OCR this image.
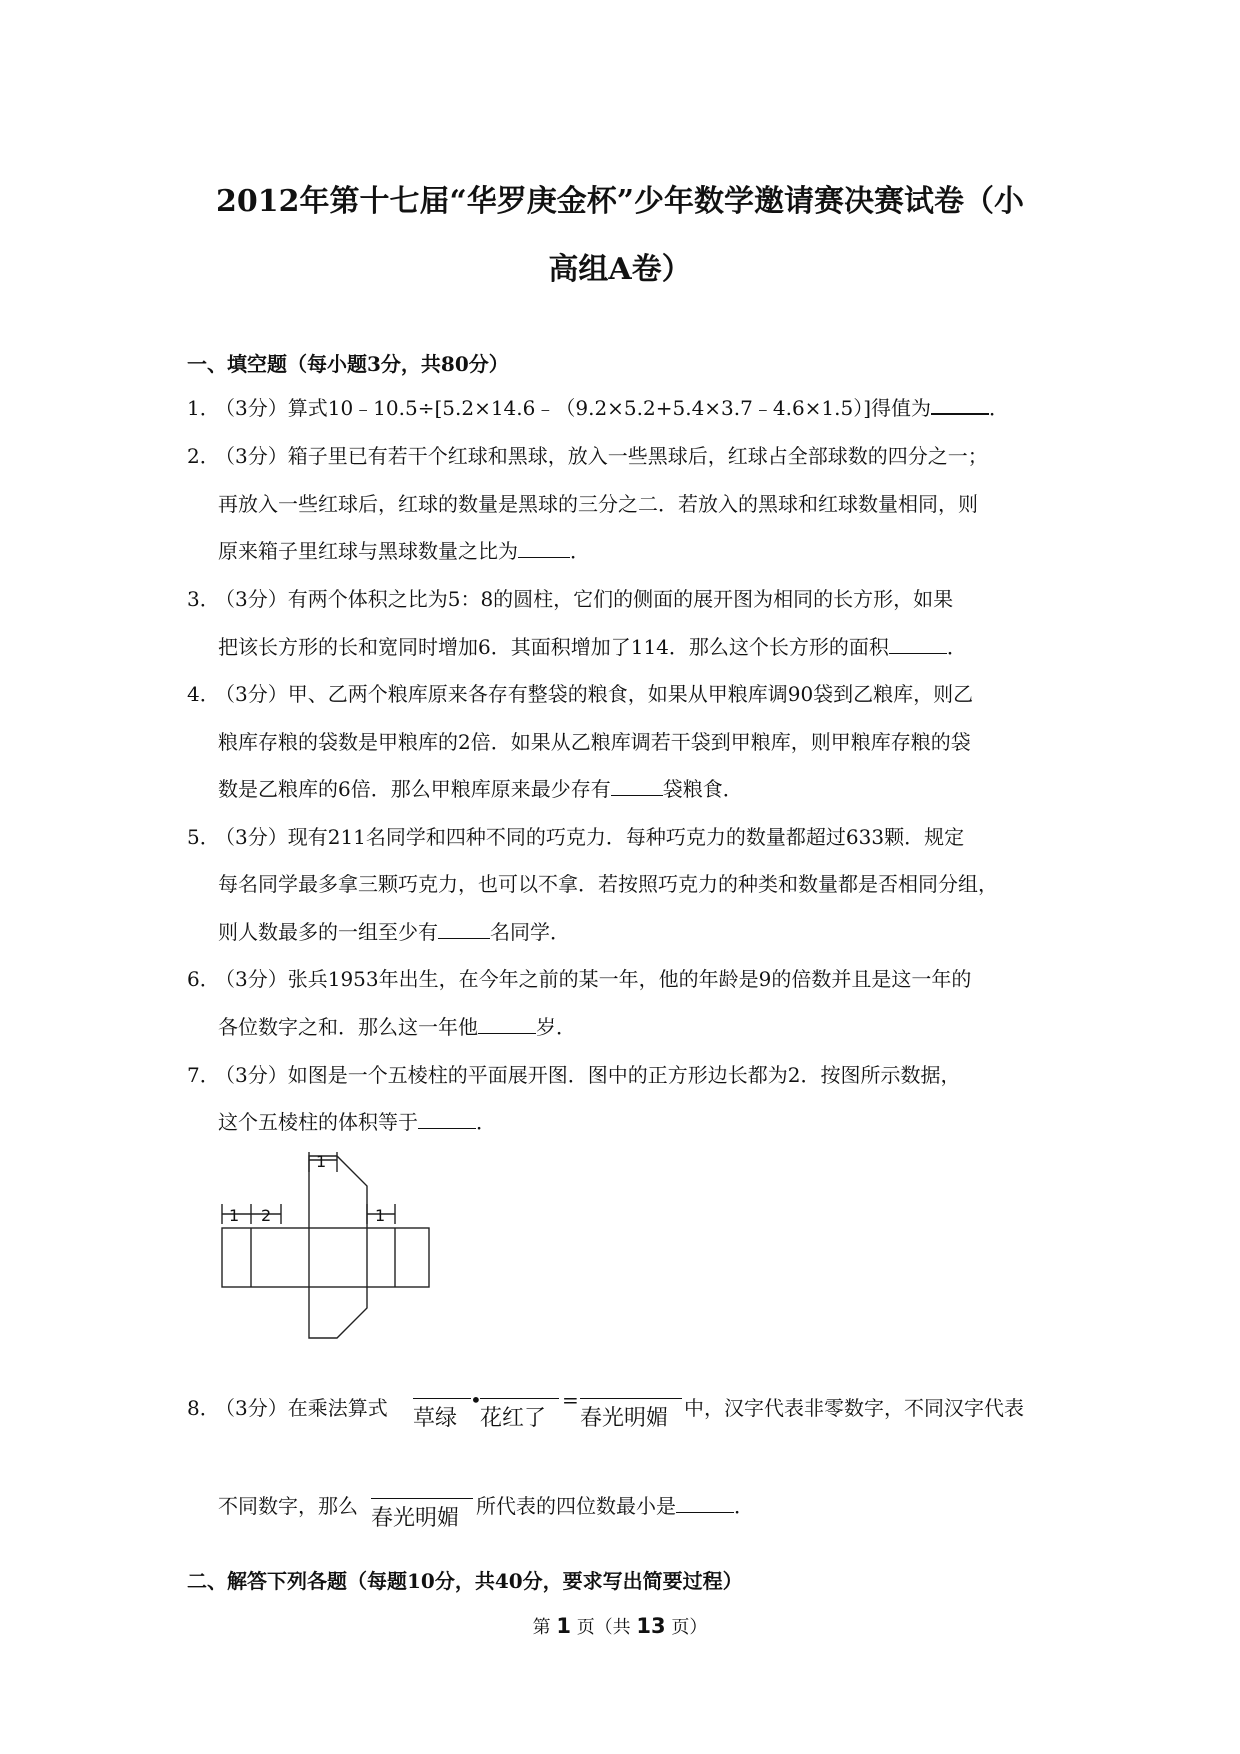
2012年第十七届“华罗庚金杯”少年数学邀请赛决赛试卷（小
高组A卷）
一、填空题（每小题3分，共80分）
1．
（3分）算式10﹣10.5÷[5.2×14.6﹣（9.2×5.2+5.4×3.7﹣4.6×1.5）]得值为	．
2．
（3分）箱子里已有若干个红球和黑球，放入一些黑球后，红球占全部球数的四分之一；
再放入一些红球后，红球的数量是黑球的三分之二．若放入的黑球和红球数量相同，则
原来箱子里红球与黑球数量之比为	．
3．
（3分）有两个体积之比为5：8的圆柱，它们的侧面的展开图为相同的长方形，如果
把该长方形的长和宽同时增加6．其面积增加了114．那么这个长方形的面积	．
4．
（3分）甲、乙两个粮库原来各存有整袋的粮食，如果从甲粮库调90袋到乙粮库，则乙
粮库存粮的袋数是甲粮库的2倍．如果从乙粮库调若干袋到甲粮库，则甲粮库存粮的袋
数是乙粮库的6倍．那么甲粮库原来最少存有	袋粮食．
5．
（3分）现有211名同学和四种不同的巧克力．每种巧克力的数量都超过633颗．规定
每名同学最多拿三颗巧克力，也可以不拿．若按照巧克力的种类和数量都是否相同分组，
则人数最多的一组至少有	名同学．
6．
（3分）张兵1953年出生，在今年之前的某一年，他的年龄是9的倍数并且是这一年的
各位数字之和．那么这一年他	岁．
7．
（3分）如图是一个五棱柱的平面展开图．图中的正方形边长都为2．按图所示数据，
这个五棱柱的体积等于	．
1
1 2	1
8．
（3分）在乘法算式 草绿
•
花红了
=
春光明媚 中，汉字代表非零数字，不同汉字代表
不同数字，那么 春光明媚 所代表的四位数最小是	．
二、解答下列各题（每题10分，共40分，要求写出简要过程）
第 1 页（共 13 页）
